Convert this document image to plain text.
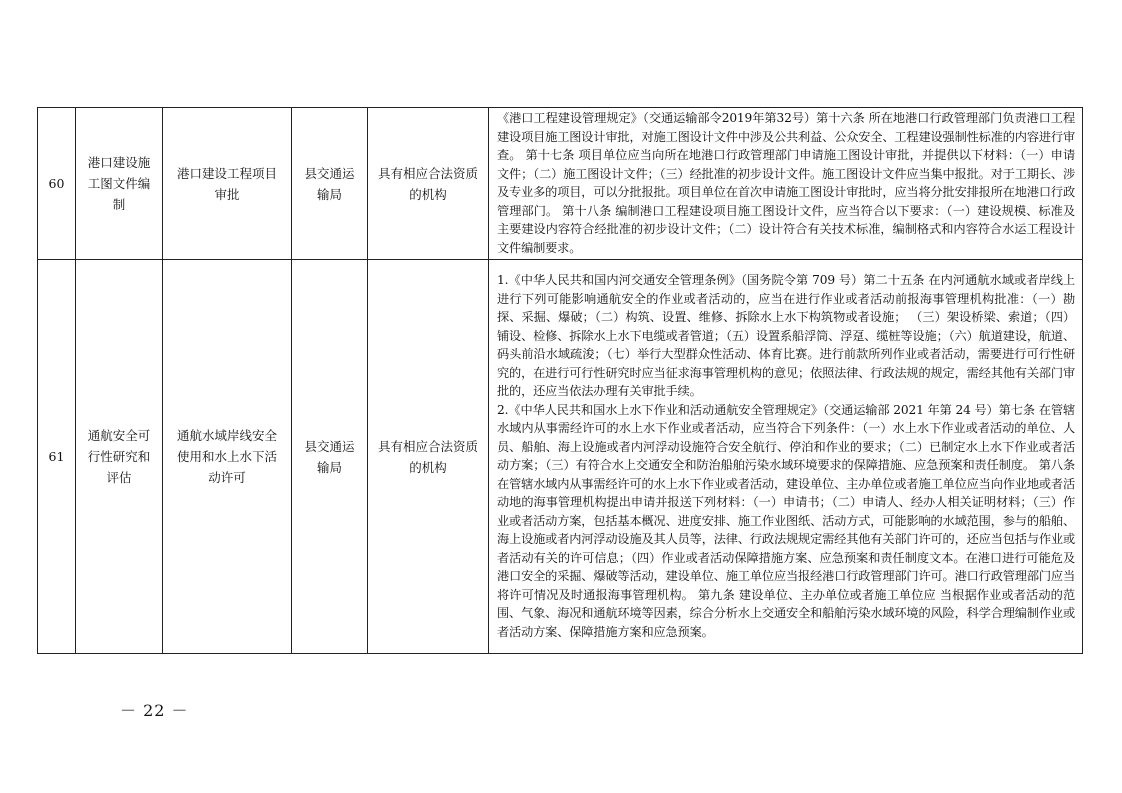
60	港口建设施工图文件编制	港口建设工程项目审批	县交通运输局	具有相应合法资质的机构	《港口工程建设管理规定》（交通运输部令2019年第32号）第十六条 所在地港口行政管理部门负责港口工程建设项目施工图设计审批，对施工图设计文件中涉及公共利益、公众安全、工程建设强制性标准的内容进行审查。 第十七条 项目单位应当向所在地港口行政管理部门申请施工图设计审批，并提供以下材料：（一）申请文件；（二）施工图设计文件；（三）经批准的初步设计文件。施工图设计文件应当集中报批。对于工期长、涉及专业多的项目，可以分批报批。项目单位在首次申请施工图设计审批时，应当将分批安排报所在地港口行政管理部门。 第十八条 编制港口工程建设项目施工图设计文件，应当符合以下要求：（一）建设规模、标准及主要建设内容符合经批准的初步设计文件；（二）设计符合有关技术标准，编制格式和内容符合水运工程设计文件编制要求。

61	通航安全可行性研究和评估	通航水域岸线安全使用和水上水下活动许可	县交通运输局	具有相应合法资质的机构	1.《中华人民共和国内河交通安全管理条例》（国务院令第 709 号）第二十五条 在内河通航水域或者岸线上进行下列可能影响通航安全的作业或者活动的，应当在进行作业或者活动前报海事管理机构批准：（一）勘探、采掘、爆破；（二）构筑、设置、维修、拆除水上水下构筑物或者设施； （三）架设桥梁、索道；（四）铺设、检修、拆除水上水下电缆或者管道；（五）设置系船浮筒、浮趸、缆桩等设施；（六）航道建设，航道、码头前沿水域疏浚；（七）举行大型群众性活动、体育比赛。进行前款所列作业或者活动，需要进行可行性研究的，在进行可行性研究时应当征求海事管理机构的意见；依照法律、行政法规的规定，需经其他有关部门审批的，还应当依法办理有关审批手续。

2.《中华人民共和国水上水下作业和活动通航安全管理规定》（交通运输部 2021 年第 24 号）第七条 在管辖水域内从事需经许可的水上水下作业或者活动，应当符合下列条件：（一）水上水下作业或者活动的单位、人员、船舶、海上设施或者内河浮动设施符合安全航行、停泊和作业的要求；（二）已制定水上水下作业或者活动方案；（三）有符合水上交通安全和防治船舶污染水域环境要求的保障措施、应急预案和责任制度。 第八条 在管辖水域内从事需经许可的水上水下作业或者活动，建设单位、主办单位或者施工单位应当向作业地或者活动地的海事管理机构提出申请并报送下列材料：（一）申请书；（二）申请人、经办人相关证明材料；（三）作业或者活动方案，包括基本概况、进度安排、施工作业图纸、活动方式，可能影响的水域范围，参与的船舶、海上设施或者内河浮动设施及其人员等，法律、行政法规规定需经其他有关部门许可的，还应当包括与作业或者活动有关的许可信息；（四）作业或者活动保障措施方案、应急预案和责任制度文本。在港口进行可能危及港口安全的采掘、爆破等活动，建设单位、施工单位应当报经港口行政管理部门许可。港口行政管理部门应当将许可情况及时通报海事管理机构。 第九条 建设单位、主办单位或者施工单位应 当根据作业或者活动的范围、气象、海况和通航环境等因素，综合分析水上交通安全和船舶污染水域环境的风险，科学合理编制作业或者活动方案、保障措施方案和应急预案。

－ 22 －
